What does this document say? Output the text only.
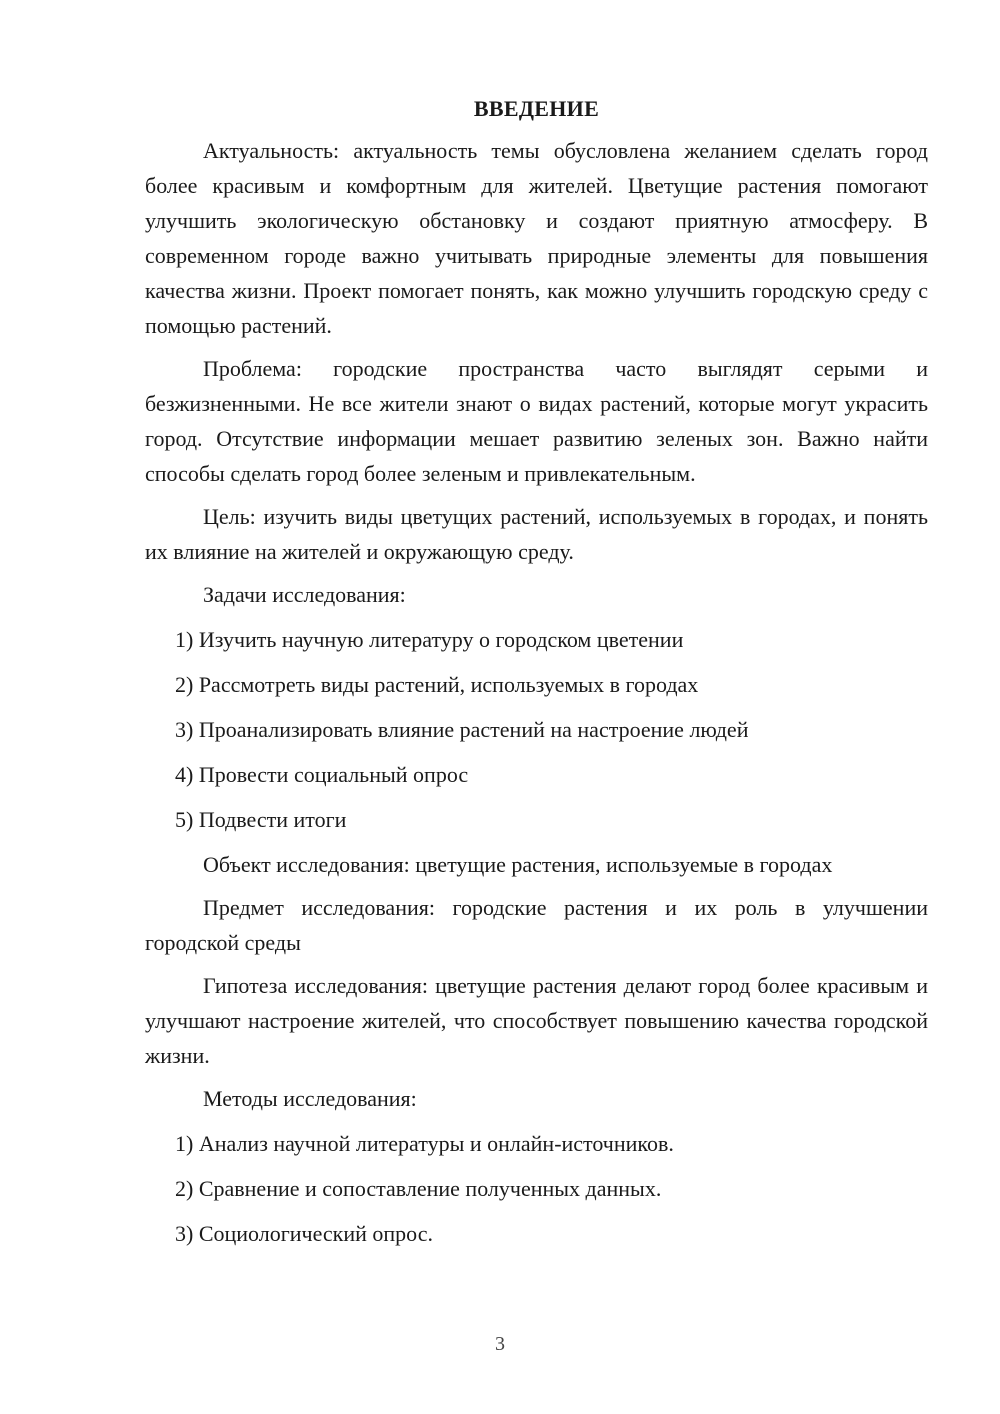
ВВЕДЕНИЕ

Актуальность: актуальность темы обусловлена желанием сделать город более красивым и комфортным для жителей. Цветущие растения помогают улучшить экологическую обстановку и создают приятную атмосферу. В современном городе важно учитывать природные элементы для повышения качества жизни. Проект помогает понять, как можно улучшить городскую среду с помощью растений.

Проблема: городские пространства часто выглядят серыми и безжизненными. Не все жители знают о видах растений, которые могут украсить город. Отсутствие информации мешает развитию зеленых зон. Важно найти способы сделать город более зеленым и привлекательным.

Цель: изучить виды цветущих растений, используемых в городах, и понять их влияние на жителей и окружающую среду.

Задачи исследования:
1) Изучить научную литературу о городском цветении
2) Рассмотреть виды растений, используемых в городах
3) Проанализировать влияние растений на настроение людей
4) Провести социальный опрос
5) Подвести итоги

Объект исследования: цветущие растения, используемые в городах

Предмет исследования: городские растения и их роль в улучшении городской среды

Гипотеза исследования: цветущие растения делают город более красивым и улучшают настроение жителей, что способствует повышению качества городской жизни.

Методы исследования:
1) Анализ научной литературы и онлайн-источников.
2) Сравнение и сопоставление полученных данных.
3) Социологический опрос.
3
